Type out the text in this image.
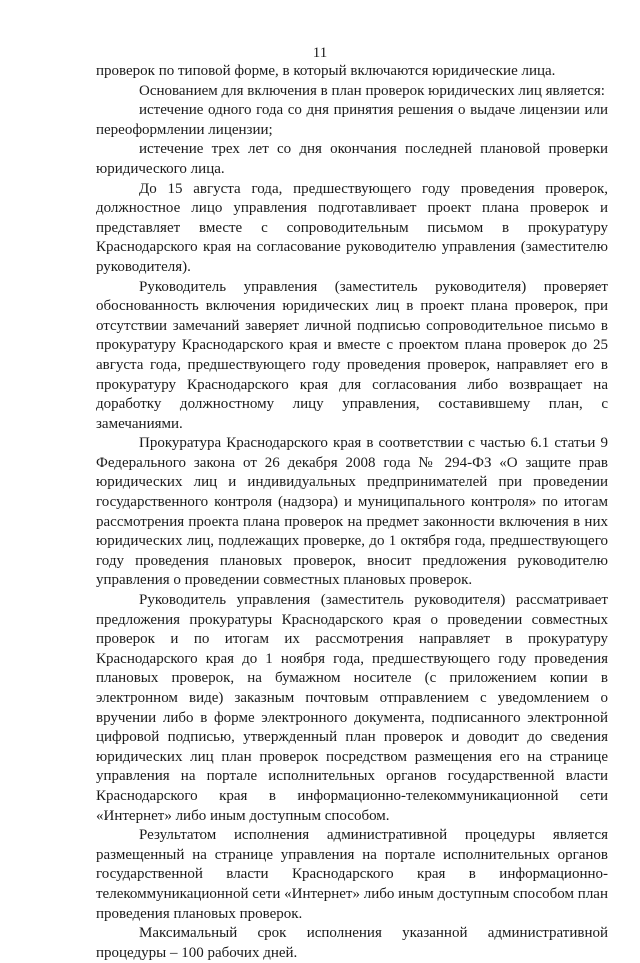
11

проверок по типовой форме, в который включаются юридические лица.

Основанием для включения в план проверок юридических лиц является:

истечение одного года со дня принятия решения о выдаче лицензии или переоформлении лицензии;

истечение трех лет со дня окончания последней плановой проверки юридического лица.

До 15 августа года, предшествующего году проведения проверок, должностное лицо управления подготавливает проект плана проверок и представляет вместе с сопроводительным письмом в прокуратуру Краснодарского края на согласование руководителю управления (заместителю руководителя).

Руководитель управления (заместитель руководителя) проверяет обоснованность включения юридических лиц в проект плана проверок, при отсутствии замечаний заверяет личной подписью сопроводительное письмо в прокуратуру Краснодарского края и вместе с проектом плана проверок до 25 августа года, предшествующего году проведения проверок, направляет его в прокуратуру Краснодарского края для согласования либо возвращает на доработку должностному лицу управления, составившему план, с замечаниями.

Прокуратура Краснодарского края в соответствии с частью 6.1 статьи 9 Федерального закона от 26 декабря 2008 года № 294-ФЗ «О защите прав юридических лиц и индивидуальных предпринимателей при проведении государственного контроля (надзора) и муниципального контроля» по итогам рассмотрения проекта плана проверок на предмет законности включения в них юридических лиц, подлежащих проверке, до 1 октября года, предшествующего году проведения плановых проверок, вносит предложения руководителю управления о проведении совместных плановых проверок.

Руководитель управления (заместитель руководителя) рассматривает предложения прокуратуры Краснодарского края о проведении совместных проверок и по итогам их рассмотрения направляет в прокуратуру Краснодарского края до 1 ноября года, предшествующего году проведения плановых проверок, на бумажном носителе (с приложением копии в электронном виде) заказным почтовым отправлением с уведомлением о вручении либо в форме электронного документа, подписанного электронной цифровой подписью, утвержденный план проверок и доводит до сведения юридических лиц план проверок посредством размещения его на странице управления на портале исполнительных органов государственной власти Краснодарского края в информационно-телекоммуникационной сети «Интернет» либо иным доступным способом.

Результатом исполнения административной процедуры является размещенный на странице управления на портале исполнительных органов государственной власти Краснодарского края в информационно-телекоммуникационной сети «Интернет» либо иным доступным способом план проведения плановых проверок.

Максимальный срок исполнения указанной административной процедуры – 100 рабочих дней.
